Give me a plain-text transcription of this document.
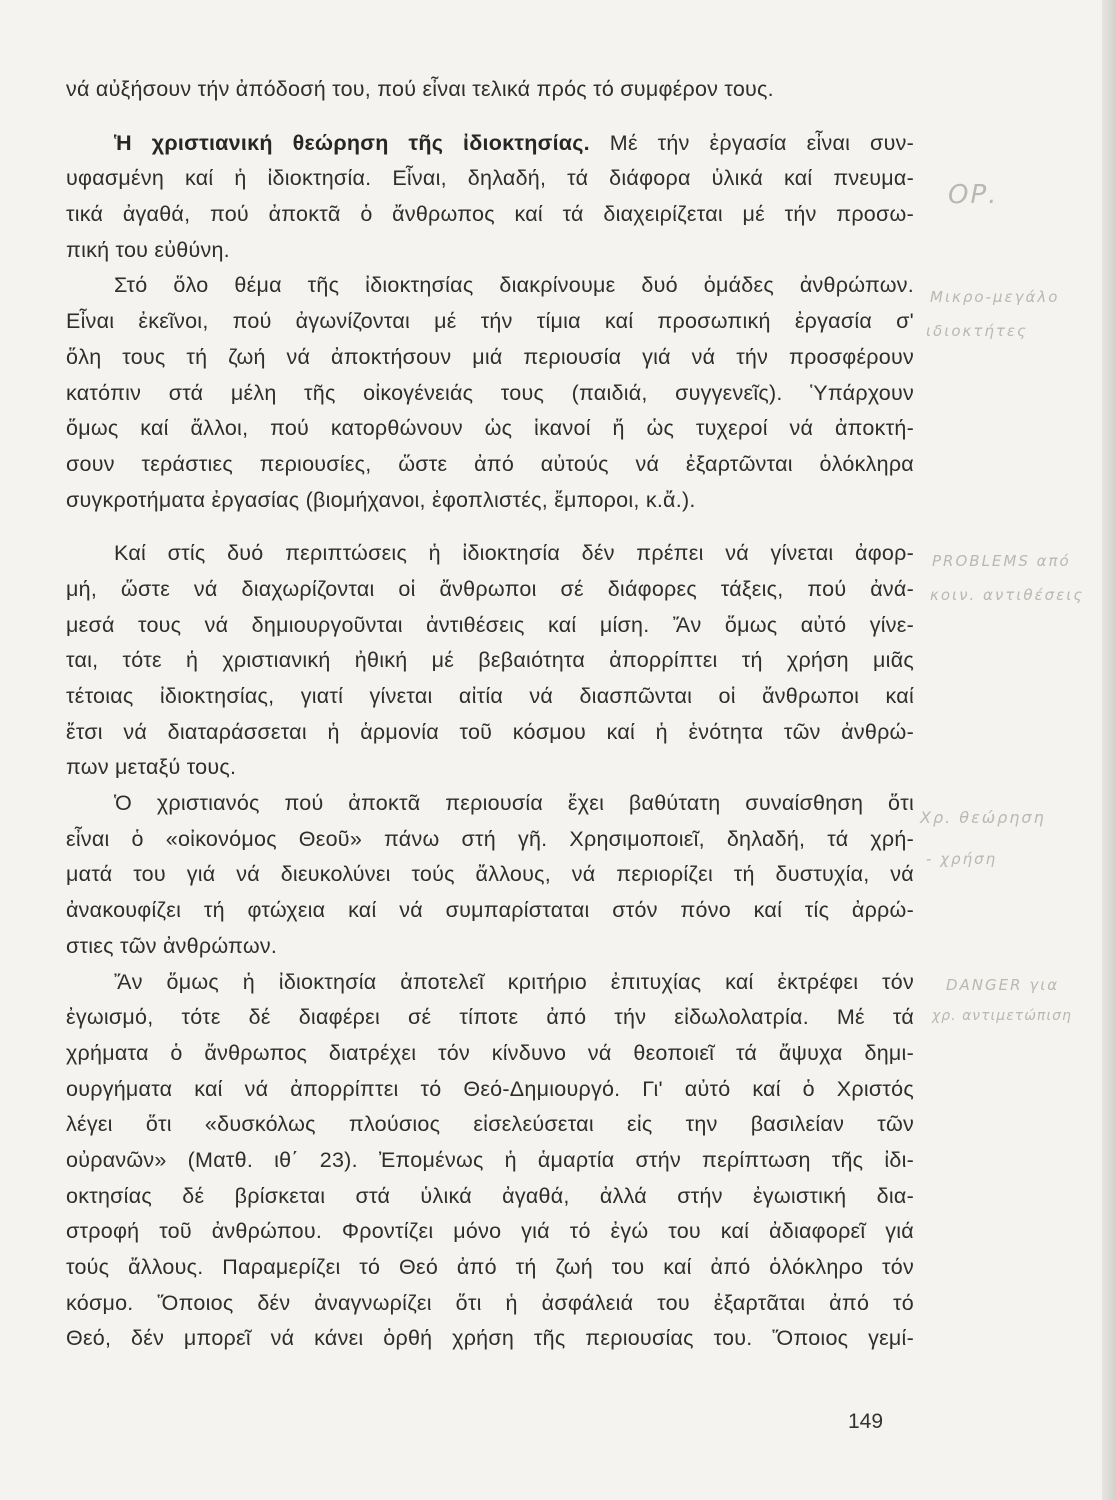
νά αὐξήσουν τήν ἀπόδοσή του, πού εἶναι τελικά πρός τό συμφέρον τους.
Ἡ χριστιανική θεώρηση τῆς ἰδιοκτησίας. Μέ τήν ἐργασία εἶναι συν-
υφασμένη καί ἡ ἰδιοκτησία. Εἶναι, δηλαδή, τά διάφορα ὑλικά καί πνευμα-
τικά ἀγαθά, πού ἀποκτᾶ ὁ ἄνθρωπος καί τά διαχειρίζεται μέ τήν προσω-
πική του εὐθύνη.
Στό ὅλο θέμα τῆς ἰδιοκτησίας διακρίνουμε δυό ὁμάδες ἀνθρώπων.
Εἶναι ἐκεῖνοι, πού ἀγωνίζονται μέ τήν τίμια καί προσωπική ἐργασία σ'
ὅλη τους τή ζωή νά ἀποκτήσουν μιά περιουσία γιά νά τήν προσφέρουν
κατόπιν στά μέλη τῆς οἰκογένειάς τους (παιδιά, συγγενεῖς). Ὑπάρχουν
ὅμως καί ἄλλοι, πού κατορθώνουν ὡς ἱκανοί ἤ ὡς τυχεροί νά ἀποκτή-
σουν τεράστιες περιουσίες, ὥστε ἀπό αὐτούς νά ἐξαρτῶνται ὁλόκληρα
συγκροτήματα ἐργασίας (βιομήχανοι, ἐφοπλιστές, ἔμποροι, κ.ἄ.).
Καί στίς δυό περιπτώσεις ἡ ἰδιοκτησία δέν πρέπει νά γίνεται ἀφορ-
μή, ὥστε νά διαχωρίζονται οἱ ἄνθρωποι σέ διάφορες τάξεις, πού ἀνά-
μεσά τους νά δημιουργοῦνται ἀντιθέσεις καί μίση. Ἄν ὅμως αὐτό γίνε-
ται, τότε ἡ χριστιανική ἠθική μέ βεβαιότητα ἀπορρίπτει τή χρήση μιᾶς
τέτοιας ἰδιοκτησίας, γιατί γίνεται αἰτία νά διασπῶνται οἱ ἄνθρωποι καί
ἔτσι νά διαταράσσεται ἡ ἁρμονία τοῦ κόσμου καί ἡ ἑνότητα τῶν ἀνθρώ-
πων μεταξύ τους.
Ὁ χριστιανός πού ἀποκτᾶ περιουσία ἔχει βαθύτατη συναίσθηση ὅτι
εἶναι ὁ «οἰκονόμος Θεοῦ» πάνω στή γῆ. Χρησιμοποιεῖ, δηλαδή, τά χρή-
ματά του γιά νά διευκολύνει τούς ἄλλους, νά περιορίζει τή δυστυχία, νά
ἀνακουφίζει τή φτώχεια καί νά συμπαρίσταται στόν πόνο καί τίς ἀρρώ-
στιες τῶν ἀνθρώπων.
Ἄν ὅμως ἡ ἰδιοκτησία ἀποτελεῖ κριτήριο ἐπιτυχίας καί ἐκτρέφει τόν
ἐγωισμό, τότε δέ διαφέρει σέ τίποτε ἀπό τήν εἰδωλολατρία. Μέ τά
χρήματα ὁ ἄνθρωπος διατρέχει τόν κίνδυνο νά θεοποιεῖ τά ἄψυχα δημι-
ουργήματα καί νά ἀπορρίπτει τό Θεό-Δημιουργό. Γι' αὐτό καί ὁ Χριστός
λέγει ὅτι «δυσκόλως πλούσιος εἰσελεύσεται εἰς την βασιλείαν τῶν
οὐρανῶν» (Ματθ. ιθ΄ 23). Ἐπομένως ἡ ἁμαρτία στήν περίπτωση τῆς ἰδι-
οκτησίας δέ βρίσκεται στά ὑλικά ἀγαθά, ἀλλά στήν ἐγωιστική δια-
στροφή τοῦ ἀνθρώπου. Φροντίζει μόνο γιά τό ἐγώ του καί ἀδιαφορεῖ γιά
τούς ἄλλους. Παραμερίζει τό Θεό ἀπό τή ζωή του καί ἀπό ὁλόκληρο τόν
κόσμο. Ὅποιος δέν ἀναγνωρίζει ὅτι ἡ ἀσφάλειά του ἐξαρτᾶται ἀπό τό
Θεό, δέν μπορεῖ νά κάνει ὀρθή χρήση τῆς περιουσίας του. Ὅποιος γεμί-
ΟΡ.
Μικρο-μεγάλο
ιδιοκτήτες
PROBLEMS από
κοιν. αντιθέσεις
Χρ. θεώρηση
- χρήση
DANGER για
χρ. αντιμετώπιση
149
